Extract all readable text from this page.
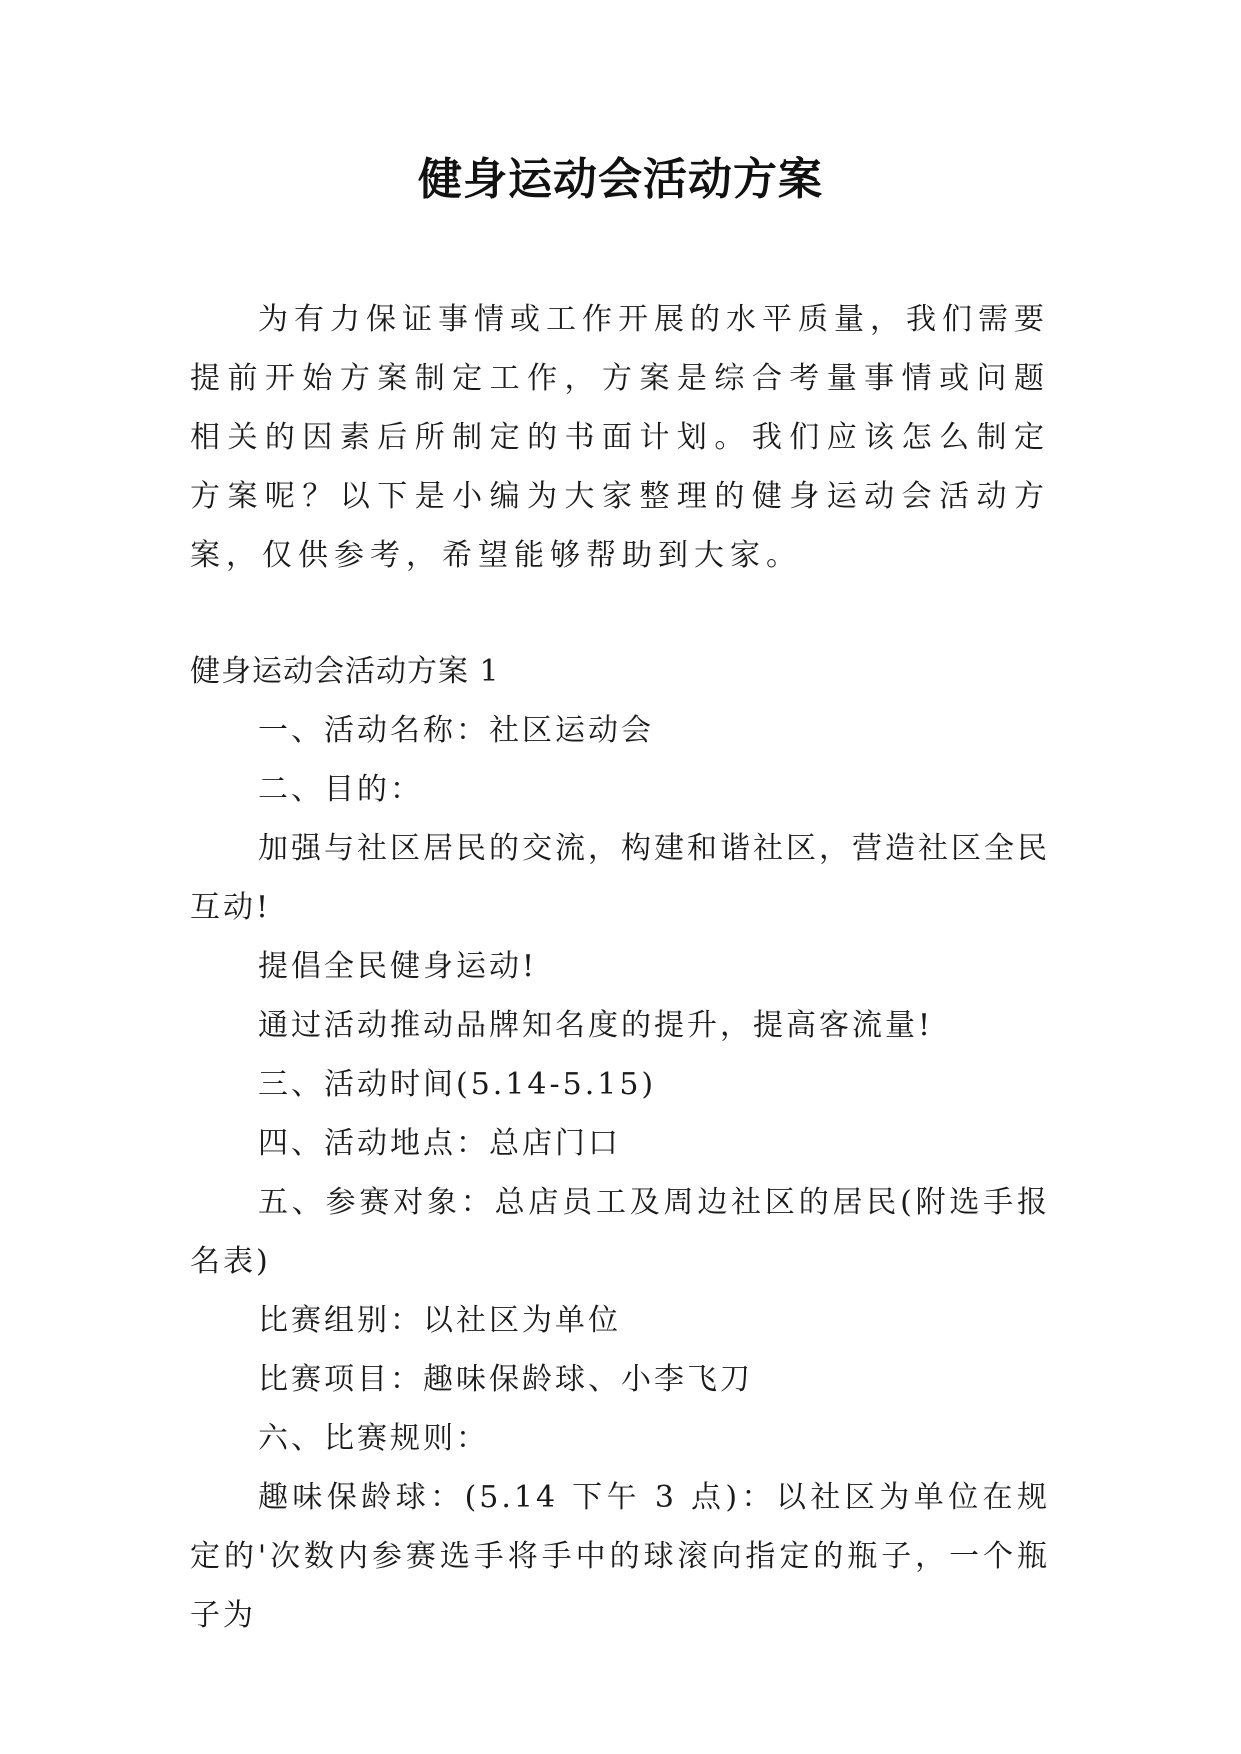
健身运动会活动方案

为有力保证事情或工作开展的水平质量，我们需要提前开始方案制定工作，方案是综合考量事情或问题相关的因素后所制定的书面计划。我们应该怎么制定方案呢？以下是小编为大家整理的健身运动会活动方案，仅供参考，希望能够帮助到大家。

健身运动会活动方案 1

一、活动名称：社区运动会

二、目的：

加强与社区居民的交流，构建和谐社区，营造社区全民互动!

提倡全民健身运动!

通过活动推动品牌知名度的提升，提高客流量!

三、活动时间(5.14-5.15)

四、活动地点：总店门口

五、参赛对象：总店员工及周边社区的居民(附选手报名表)

比赛组别：以社区为单位

比赛项目：趣味保龄球、小李飞刀

六、比赛规则：

趣味保龄球：(5.14 下午 3 点)：以社区为单位在规定的'次数内参赛选手将手中的球滚向指定的瓶子，一个瓶子为
